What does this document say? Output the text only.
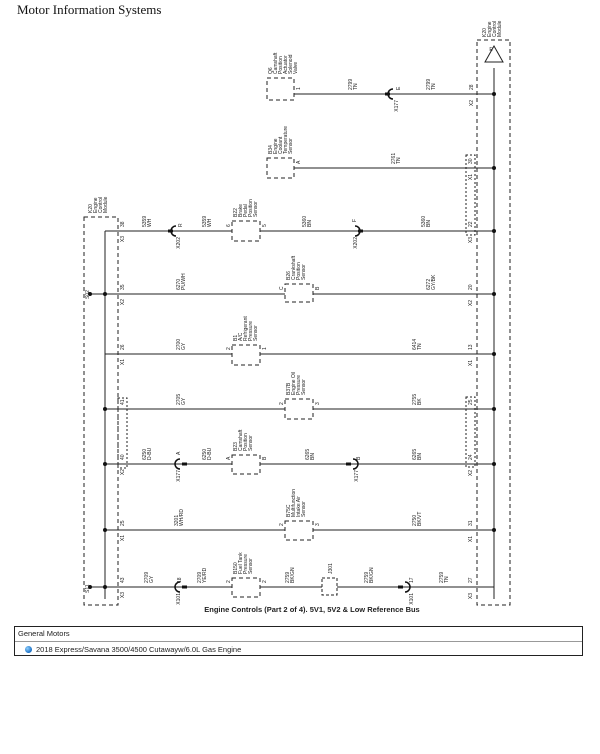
Motor Information Systems
K20
E
K20
S02
S11
J301
Q6
B34
B22
B26
B1
B37B
B23
B75C
B150
Camshaft Position Actuator Solenoid Valve
Engine Coolant Temperature Sensor
Brake Pedal Position Sensor
Crankshaft Position Sensor
A/C Refrigerant Pressure Sensor
Engine Oil Pressure Sensor
Camshaft Position Sensor
Multifunction Intake Air Sensor
Fuel Tank Pressure Sensor
Engine Control Module
Engine Control Module
2799 TN	2799 TN
E
X177
28
X2
1
2761 TN	30
X1
A
38
X3
5359 WH	R
X202
5359 WH	6	5	5360 BN	F
X202
5360 BN	22
X3
35
X2
6270 PU/WH	C	B	6272 GY/BK	20
X2
26
X1
2700 GY	2	1	6414 TN	13
X1
41	2705 GY	2	3	2755 BK	25
40
X2
6250 D-BU	A
X177
6250 D-BU	A	B	6265 BN	B
X177
6265 BN	24
X2
25
X1
3201 WH/RD	2	3	2750 BK/VT	31
X1
43
X3
2709 GY	18
X101
2709 YE/RD	2	2	2759 BK/GN	2759 BK/GN	17
X101
2759 TN	27
X3
Engine Controls (Part 2 of 4). 5V1, 5V2 & Low Reference Bus
General Motors
2018 Express/Savana 3500/4500 Cutawayw/6.0L Gas Engine
